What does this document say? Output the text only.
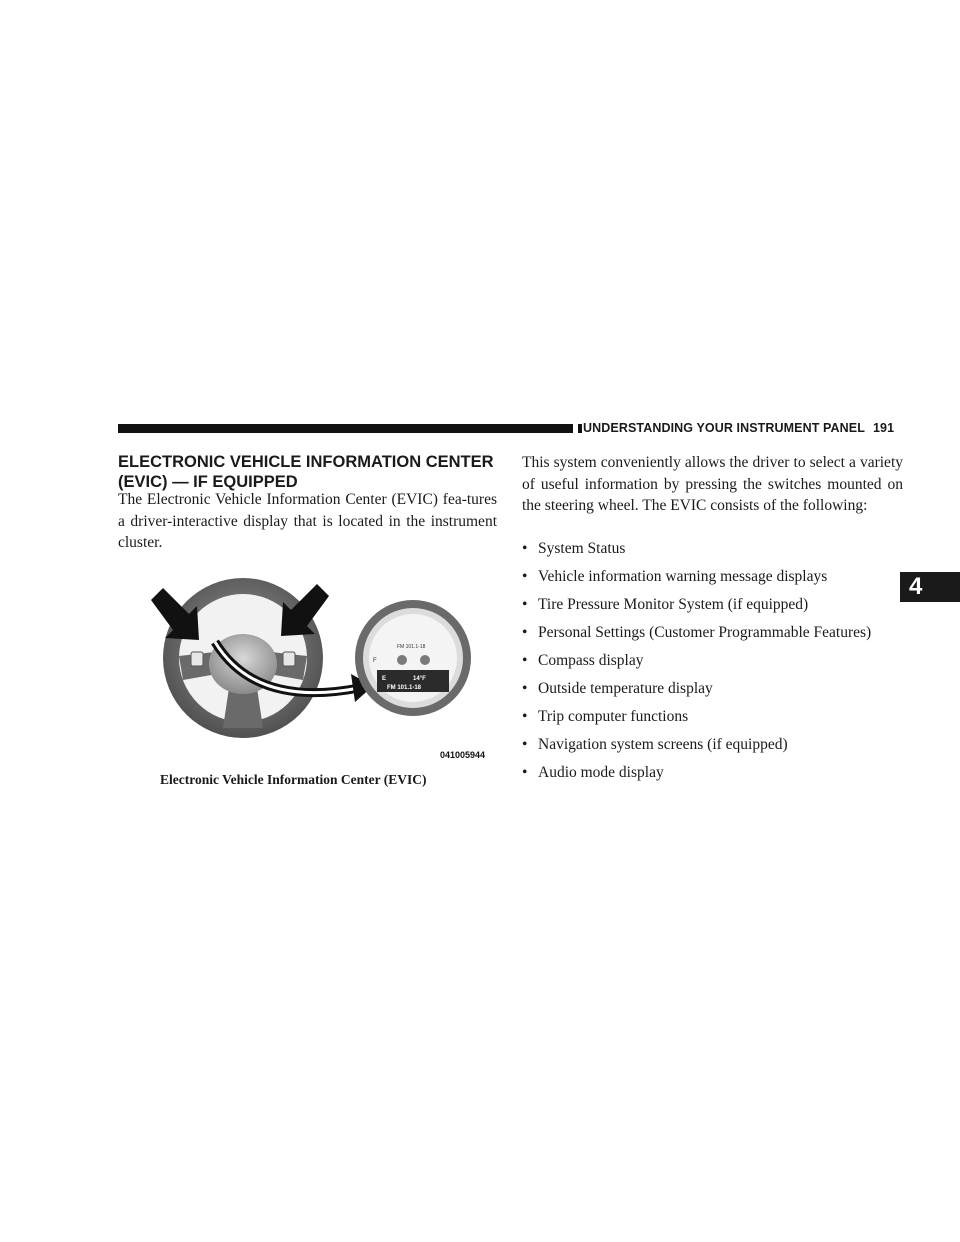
UNDERSTANDING YOUR INSTRUMENT PANEL 191
4
ELECTRONIC VEHICLE INFORMATION CENTER (EVIC) — IF EQUIPPED

The Electronic Vehicle Information Center (EVIC) fea-tures a driver-interactive display that is located in the instrument cluster.

FM 101.1-18
E	14°F
FM 101.1-18
F
041005944
Electronic Vehicle Information Center (EVIC)

This system conveniently allows the driver to select a variety of useful information by pressing the switches mounted on the steering wheel. The EVIC consists of the following:

• System Status
• Vehicle information warning message displays
• Tire Pressure Monitor System (if equipped)
• Personal Settings (Customer Programmable Features)
• Compass display
• Outside temperature display
• Trip computer functions
• Navigation system screens (if equipped)
• Audio mode display
